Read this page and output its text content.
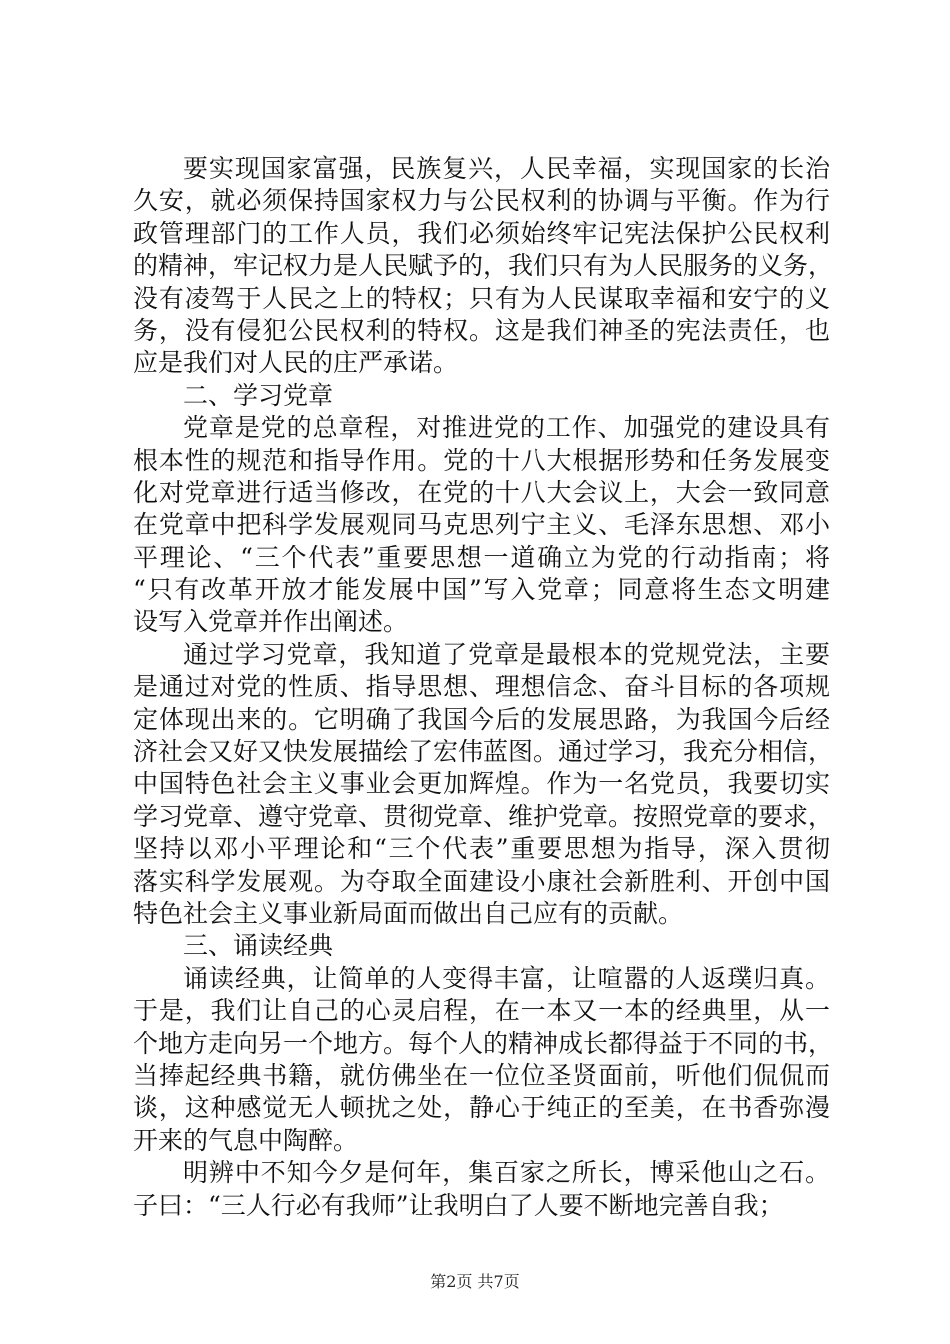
要实现国家富强，民族复兴，人民幸福，实现国家的长治
久安，就必须保持国家权力与公民权利的协调与平衡。作为行
政管理部门的工作人员，我们必须始终牢记宪法保护公民权利
的精神，牢记权力是人民赋予的，我们只有为人民服务的义务，
没有凌驾于人民之上的特权；只有为人民谋取幸福和安宁的义
务，没有侵犯公民权利的特权。这是我们神圣的宪法责任，也
应是我们对人民的庄严承诺。
二、学习党章
党章是党的总章程，对推进党的工作、加强党的建设具有
根本性的规范和指导作用。党的十八大根据形势和任务发展变
化对党章进行适当修改，在党的十八大会议上，大会一致同意
在党章中把科学发展观同马克思列宁主义、毛泽东思想、邓小
平理论、“三个代表”重要思想一道确立为党的行动指南；将
“只有改革开放才能发展中国”写入党章；同意将生态文明建
设写入党章并作出阐述。
通过学习党章，我知道了党章是最根本的党规党法，主要
是通过对党的性质、指导思想、理想信念、奋斗目标的各项规
定体现出来的。它明确了我国今后的发展思路，为我国今后经
济社会又好又快发展描绘了宏伟蓝图。通过学习，我充分相信，
中国特色社会主义事业会更加辉煌。作为一名党员，我要切实
学习党章、遵守党章、贯彻党章、维护党章。按照党章的要求，
坚持以邓小平理论和“三个代表”重要思想为指导，深入贯彻
落实科学发展观。为夺取全面建设小康社会新胜利、开创中国
特色社会主义事业新局面而做出自己应有的贡献。
三、诵读经典
诵读经典，让简单的人变得丰富，让喧嚣的人返璞归真。
于是，我们让自己的心灵启程，在一本又一本的经典里，从一
个地方走向另一个地方。每个人的精神成长都得益于不同的书，
当捧起经典书籍，就仿佛坐在一位位圣贤面前，听他们侃侃而
谈，这种感觉无人顿扰之处，静心于纯正的至美，在书香弥漫
开来的气息中陶醉。
明辨中不知今夕是何年，集百家之所长，博采他山之石。
子曰：“三人行必有我师”让我明白了人要不断地完善自我；
第2页 共7页
